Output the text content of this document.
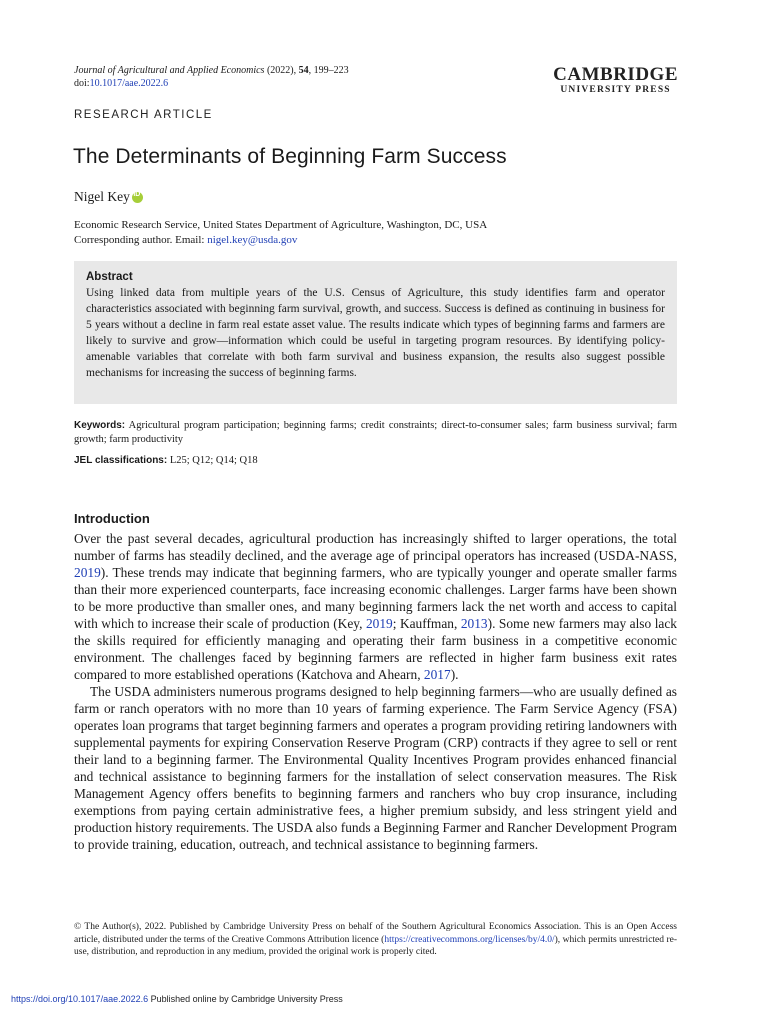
Journal of Agricultural and Applied Economics (2022), 54, 199–223
doi:10.1017/aae.2022.6	CAMBRIDGE
UNIVERSITY PRESS
RESEARCH ARTICLE
The Determinants of Beginning Farm Success
Nigel Key
iD
Economic Research Service, United States Department of Agriculture, Washington, DC, USA
Corresponding author. Email: nigel.key@usda.gov
Abstract
Using linked data from multiple years of the U.S. Census of Agriculture, this study identifies farm and operator characteristics associated with beginning farm survival, growth, and success. Success is defined as continuing in business for 5 years without a decline in farm real estate asset value. The results indicate which types of beginning farms and farmers are likely to survive and grow—information which could be useful in targeting program resources. By identifying policy-amenable variables that correlate with both farm survival and business expansion, the results also suggest possible mechanisms for increasing the success of beginning farms.
Keywords: Agricultural program participation; beginning farms; credit constraints; direct-to-consumer sales; farm business survival; farm growth; farm productivity
JEL classifications: L25; Q12; Q14; Q18
Introduction

Over the past several decades, agricultural production has increasingly shifted to larger operations, the total number of farms has steadily declined, and the average age of principal operators has increased (USDA-NASS, 2019). These trends may indicate that beginning farmers, who are typically younger and operate smaller farms than their more experienced counterparts, face increasing economic challenges. Larger farms have been shown to be more productive than smaller ones, and many beginning farmers lack the net worth and access to capital with which to increase their scale of production (Key, 2019; Kauffman, 2013). Some new farmers may also lack the skills required for efficiently managing and operating their farm business in a competitive economic environment. The challenges faced by beginning farmers are reflected in higher farm business exit rates compared to more established operations (Katchova and Ahearn, 2017).

The USDA administers numerous programs designed to help beginning farmers—who are usually defined as farm or ranch operators with no more than 10 years of farming experience. The Farm Service Agency (FSA) operates loan programs that target beginning farmers and operates a program providing retiring landowners with supplemental payments for expiring Conservation Reserve Program (CRP) contracts if they agree to sell or rent their land to a beginning farmer. The Environmental Quality Incentives Program provides enhanced financial and technical assistance to beginning farmers for the installation of select conservation measures. The Risk Management Agency offers benefits to beginning farmers and ranchers who buy crop insurance, including exemptions from paying certain administrative fees, a higher premium subsidy, and less stringent yield and production history requirements. The USDA also funds a Beginning Farmer and Rancher Development Program to provide training, education, outreach, and technical assistance to beginning farmers.

© The Author(s), 2022. Published by Cambridge University Press on behalf of the Southern Agricultural Economics Association. This is an Open Access article, distributed under the terms of the Creative Commons Attribution licence (https://creativecommons.org/licenses/by/4.0/), which permits unrestricted re-use, distribution, and reproduction in any medium, provided the original work is properly cited.
https://doi.org/10.1017/aae.2022.6 Published online by Cambridge University Press
